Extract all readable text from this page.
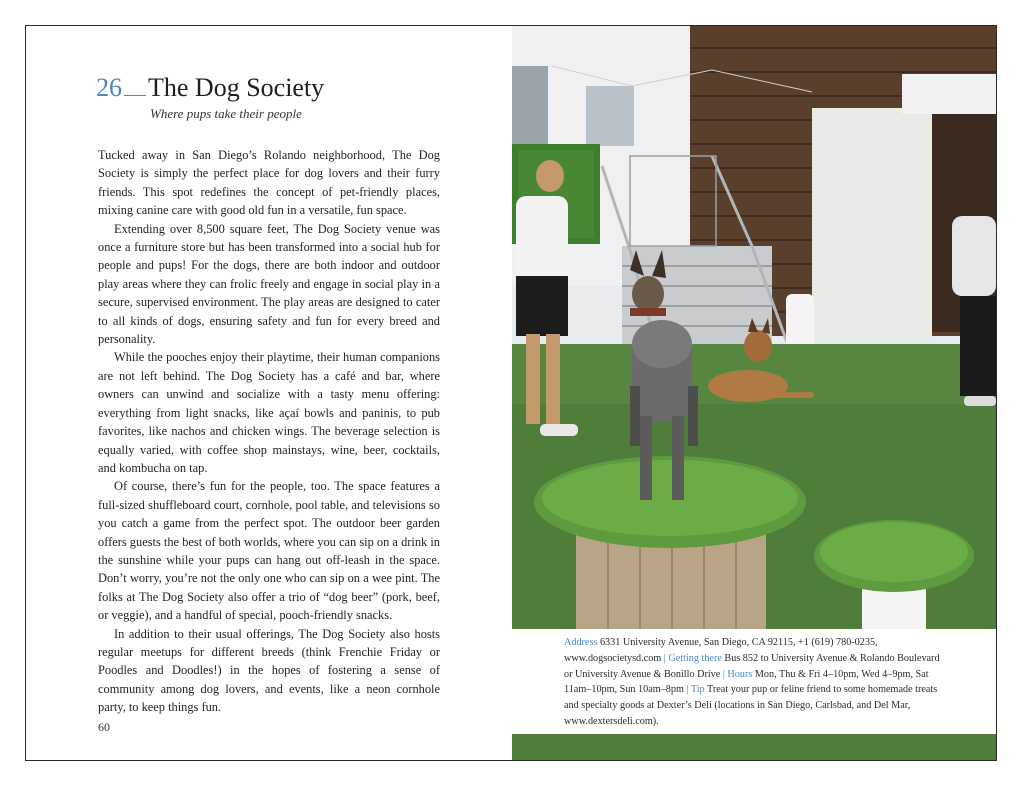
26 The Dog Society
Where pups take their people

Tucked away in San Diego’s Rolando neighborhood, The Dog Society is simply the perfect place for dog lovers and their furry friends. This spot redefines the concept of pet-friendly places, mixing canine care with good old fun in a versatile, fun space.

Extending over 8,500 square feet, The Dog Society venue was once a furniture store but has been transformed into a social hub for people and pups! For the dogs, there are both indoor and outdoor play areas where they can frolic freely and engage in social play in a secure, supervised environment. The play areas are designed to cater to all kinds of dogs, ensuring safety and fun for every breed and personality.

While the pooches enjoy their playtime, their human companions are not left behind. The Dog Society has a café and bar, where owners can unwind and socialize with a tasty menu offering: everything from light snacks, like açaí bowls and paninis, to pub favorites, like nachos and chicken wings. The beverage selection is equally varied, with coffee shop mainstays, wine, beer, cocktails, and kombucha on tap.

Of course, there’s fun for the people, too. The space features a full-sized shuffleboard court, cornhole, pool table, and televisions so you catch a game from the perfect spot. The outdoor beer garden offers guests the best of both worlds, where you can sip on a drink in the sunshine while your pups can hang out off-leash in the space. Don’t worry, you’re not the only one who can sip on a wee pint. The folks at The Dog Society also offer a trio of “dog beer” (pork, beef, or veggie), and a handful of special, pooch-friendly snacks.

In addition to their usual offerings, The Dog Society also hosts regular meetups for different breeds (think Frenchie Friday or Poodles and Doodles!) in the hopes of fostering a sense of community among dog lovers, and events, like a neon cornhole party, to keep things fun.

60
Address 6331 University Avenue, San Diego, CA 92115, +1 (619) 780-0235, www.dogsocietysd.com | Getting there Bus 852 to University Avenue & Rolando Boulevard or University Avenue & Bonillo Drive | Hours Mon, Thu & Fri 4–10pm, Wed 4–9pm, Sat 11am–10pm, Sun 10am–8pm | Tip Treat your pup or feline friend to some homemade treats and specialty goods at Dexter’s Deli (locations in San Diego, Carlsbad, and Del Mar, www.dextersdeli.com).
